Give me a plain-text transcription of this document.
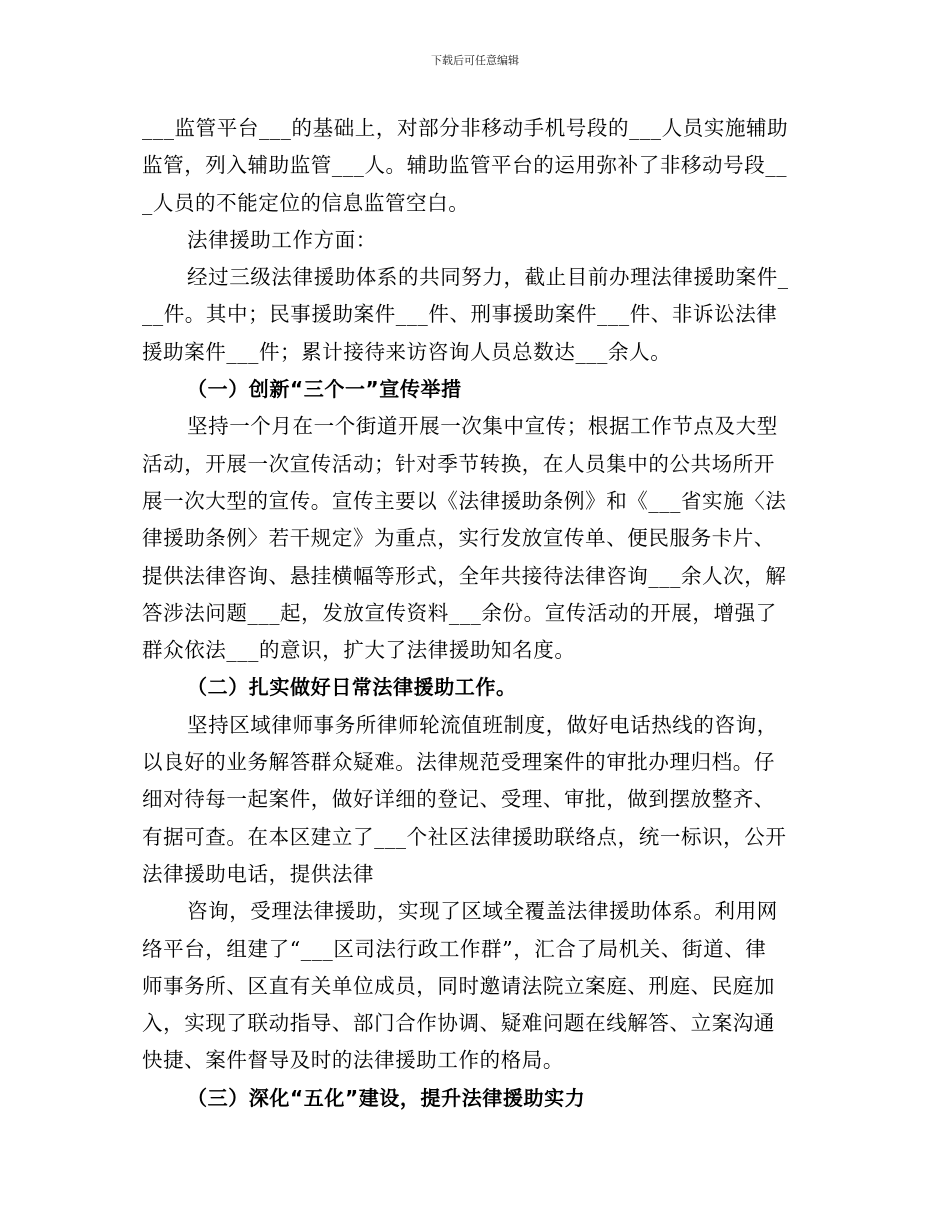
下载后可任意编辑
___监管平台___的基础上，对部分非移动手机号段的___人员实施辅助
监管，列入辅助监管___人。辅助监管平台的运用弥补了非移动号段__
_人员的不能定位的信息监管空白。
法律援助工作方面：
经过三级法律援助体系的共同努力，截止目前办理法律援助案件_
__件。其中；民事援助案件___件、刑事援助案件___件、非诉讼法律
援助案件___件；累计接待来访咨询人员总数达___余人。
（一）创新“三个一”宣传举措
坚持一个月在一个街道开展一次集中宣传；根据工作节点及大型
活动，开展一次宣传活动；针对季节转换，在人员集中的公共场所开
展一次大型的宣传。宣传主要以《法律援助条例》和《___省实施〈法
律援助条例〉若干规定》为重点，实行发放宣传单、便民服务卡片、
提供法律咨询、悬挂横幅等形式，全年共接待法律咨询___余人次，解
答涉法问题___起，发放宣传资料___余份。宣传活动的开展，增强了
群众依法___的意识，扩大了法律援助知名度。
（二）扎实做好日常法律援助工作。
坚持区域律师事务所律师轮流值班制度，做好电话热线的咨询，
以良好的业务解答群众疑难。法律规范受理案件的审批办理归档。仔
细对待每一起案件，做好详细的登记、受理、审批，做到摆放整齐、
有据可查。在本区建立了___个社区法律援助联络点，统一标识，公开
法律援助电话，提供法律
咨询，受理法律援助，实现了区域全覆盖法律援助体系。利用网
络平台，组建了“___区司法行政工作群”，汇合了局机关、街道、律
师事务所、区直有关单位成员，同时邀请法院立案庭、刑庭、民庭加
入，实现了联动指导、部门合作协调、疑难问题在线解答、立案沟通
快捷、案件督导及时的法律援助工作的格局。
（三）深化“五化”建设，提升法律援助实力
